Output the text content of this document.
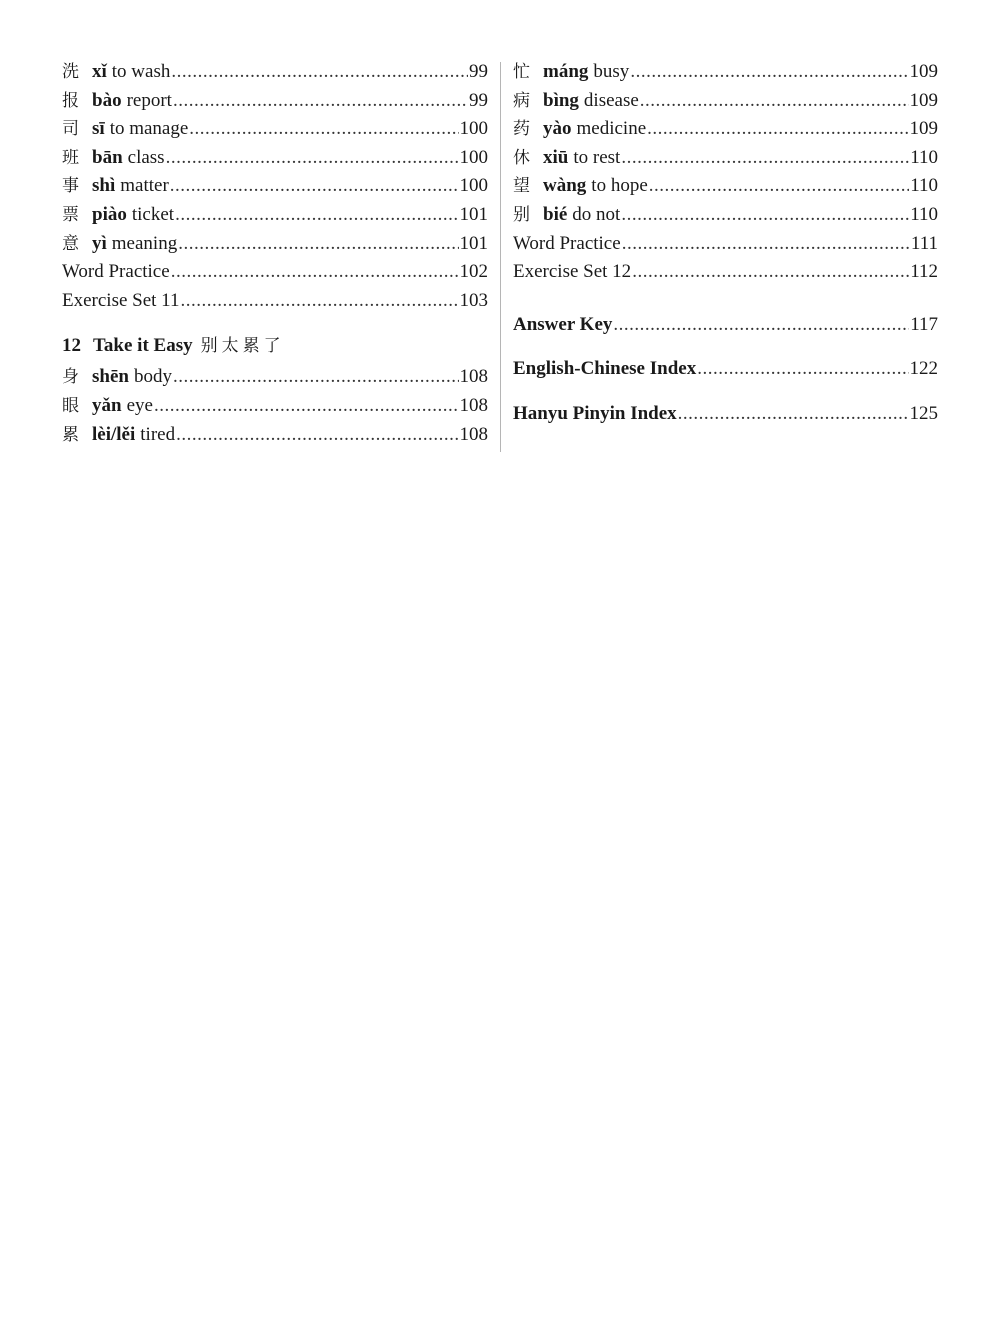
洗 xǐ to wash .....	99
报 bào report .....	99
司 sī to manage .....	100
班 bān class .....	100
事 shì matter .....	100
票 piào ticket .....	101
意 yì meaning .....	101
Word Practice .....	102
Exercise Set 11 .....	103
12 Take it Easy 别太累了
身 shēn body .....	108
眼 yǎn eye .....	108
累 lèi/lěi tired .....	108
忙 máng busy .....	109
病 bìng disease .....	109
药 yào medicine .....	109
休 xiū to rest .....	110
望 wàng to hope .....	110
别 bié do not .....	110
Word Practice .....	111
Exercise Set 12 .....	112
Answer Key .....	117
English-Chinese Index .....	122
Hanyu Pinyin Index .....	125
